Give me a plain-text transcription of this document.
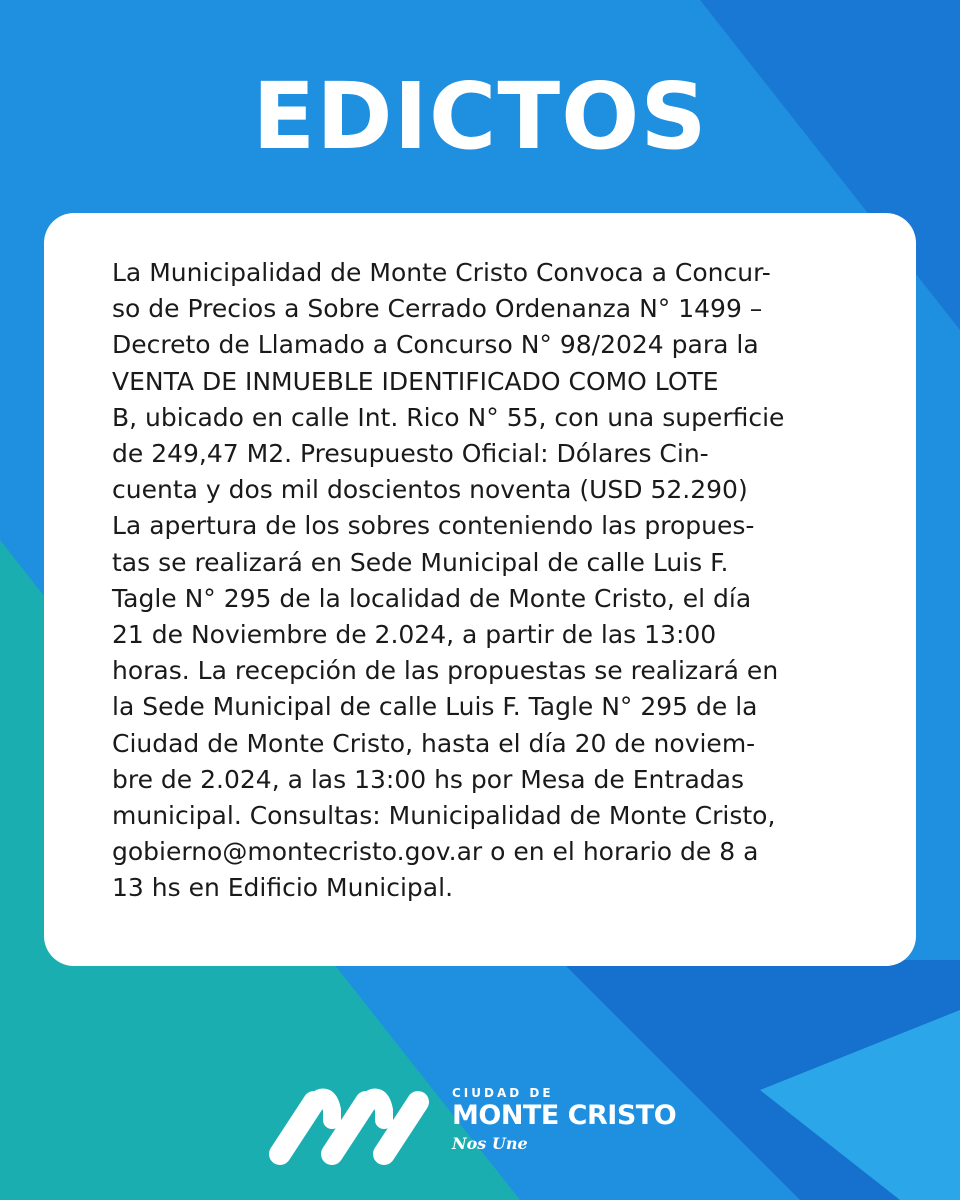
EDICTOS
La Municipalidad de Monte Cristo Convoca a Concur-
so de Precios a Sobre Cerrado Ordenanza N° 1499 –
Decreto de Llamado a Concurso N° 98/2024 para la
VENTA DE INMUEBLE IDENTIFICADO COMO LOTE
B, ubicado en calle Int. Rico N° 55, con una superficie
de 249,47 M2. Presupuesto Oficial: Dólares Cin-
cuenta y dos mil doscientos noventa (USD 52.290)
La apertura de los sobres conteniendo las propues-
tas se realizará en Sede Municipal de calle Luis F.
Tagle N° 295 de la localidad de Monte Cristo, el día
21 de Noviembre de 2.024, a partir de las 13:00
horas. La recepción de las propuestas se realizará en
la Sede Municipal de calle Luis F. Tagle N° 295 de la
Ciudad de Monte Cristo, hasta el día 20 de noviem-
bre de 2.024, a las 13:00 hs por Mesa de Entradas
municipal. Consultas: Municipalidad de Monte Cristo,
gobierno@montecristo.gov.ar o en el horario de 8 a
13 hs en Edificio Municipal.
CIUDAD DE
MONTE CRISTO
Nos Une
